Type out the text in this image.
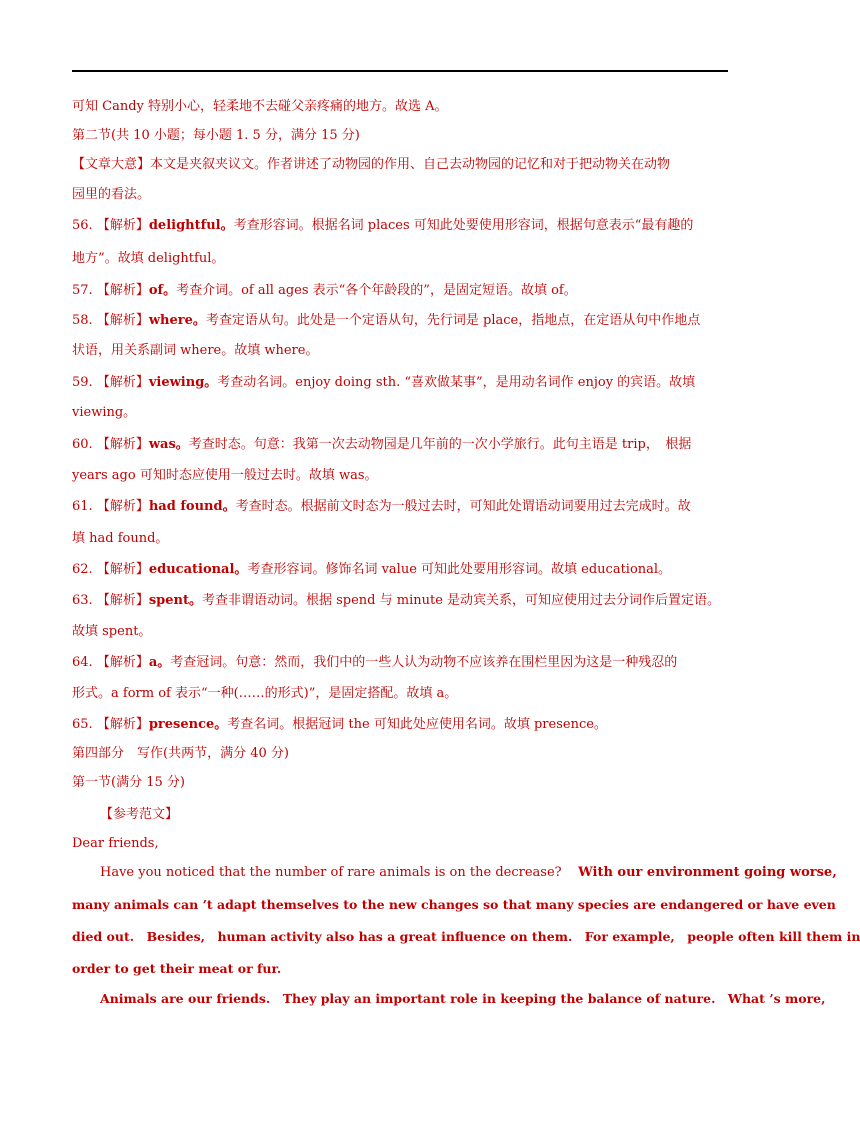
可知 Candy 特别小心，轻柔地不去碰父亲疼痛的地方。故选 A。
第二节(共 10 小题；每小题 1. 5 分，满分 15 分)
【文章大意】本文是夹叙夹议文。作者讲述了动物园的作用、自己去动物园的记忆和对于把动物关在动物
园里的看法。
56. 【解析】delightful。考查形容词。根据名词 places 可知此处要使用形容词，根据句意表示“最有趣的
地方”。故填 delightful。
57. 【解析】of。考查介词。of all ages 表示“各个年龄段的”，是固定短语。故填 of。
58. 【解析】where。考查定语从句。此处是一个定语从句，先行词是 place，指地点，在定语从句中作地点
状语，用关系副词 where。故填 where。
59. 【解析】viewing。考查动名词。enjoy doing sth. “喜欢做某事”，是用动名词作 enjoy 的宾语。故填
viewing。
60. 【解析】was。考查时态。句意：我第一次去动物园是几年前的一次小学旅行。此句主语是 trip，　根据
years ago 可知时态应使用一般过去时。故填 was。
61. 【解析】had found。考查时态。根据前文时态为一般过去时，可知此处谓语动词要用过去完成时。故
填 had found。
62. 【解析】educational。考查形容词。修饰名词 value 可知此处要用形容词。故填 educational。
63. 【解析】spent。考查非谓语动词。根据 spend 与 minute 是动宾关系，可知应使用过去分词作后置定语。
故填 spent。
64. 【解析】a。考查冠词。句意：然而，我们中的一些人认为动物不应该养在围栏里因为这是一种残忍的
形式。a form of 表示“一种(……的形式)”，是固定搭配。故填 a。
65. 【解析】presence。考查名词。根据冠词 the 可知此处应使用名词。故填 presence。
第四部分　写作(共两节，满分 40 分)
第一节(满分 15 分)
【参考范文】
Dear friends,
Have you noticed that the number of rare animals is on the decrease? With our environment going worse,
many animals can ’t adapt themselves to the new changes so that many species are endangered or have even
died out.　Besides,　human activity also has a great influence on them.　For example,　people often kill them in
order to get their meat or fur.
Animals are our friends.　They play an important role in keeping the balance of nature.　What ’s more,
